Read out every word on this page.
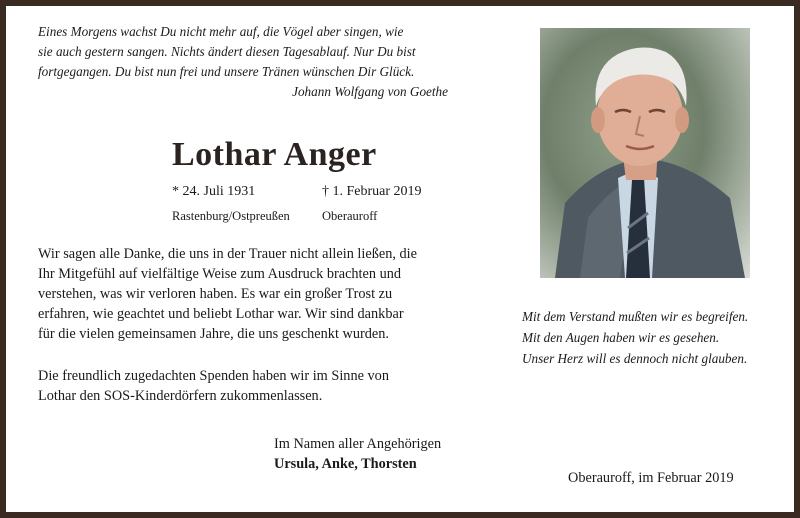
Eines Morgens wachst Du nicht mehr auf, die Vögel aber singen, wie
sie auch gestern sangen. Nichts ändert diesen Tagesablauf. Nur Du bist
fortgegangen. Du bist nun frei und unsere Tränen wünschen Dir Glück.
Johann Wolfgang von Goethe
Lothar Anger
* 24. Juli 1931	† 1. Februar 2019
Rastenburg/Ostpreußen	Oberauroff

Wir sagen alle Danke, die uns in der Trauer nicht allein ließen, die
Ihr Mitgefühl auf vielfältige Weise zum Ausdruck brachten und
verstehen, was wir verloren haben. Es war ein großer Trost zu
erfahren, wie geachtet und beliebt Lothar war. Wir sind dankbar
für die vielen gemeinsamen Jahre, die uns geschenkt wurden.

Die freundlich zugedachten Spenden haben wir im Sinne von
Lothar den SOS-Kinderdörfern zukommenlassen.

Im Namen aller Angehörigen
Ursula, Anke, Thorsten
Mit dem Verstand mußten wir es begreifen.
Mit den Augen haben wir es gesehen.
Unser Herz will es dennoch nicht glauben.
Oberauroff, im Februar 2019
